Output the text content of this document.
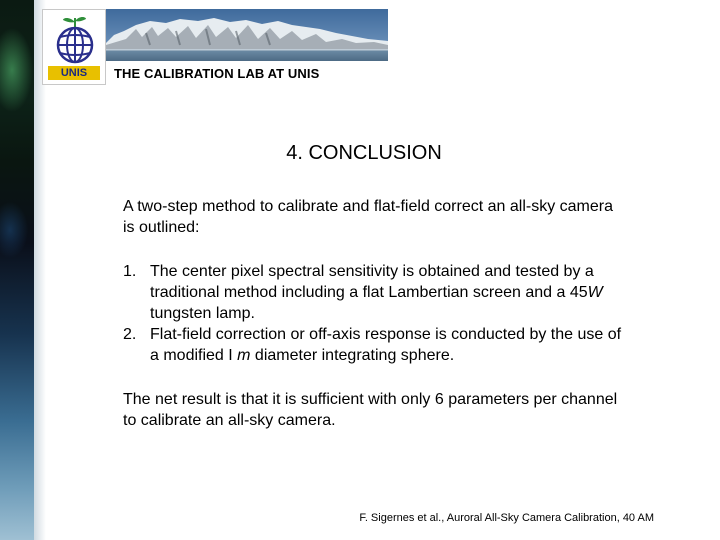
UNIS	THE CALIBRATION LAB AT UNIS
4. CONCLUSION
A two-step method to calibrate and flat-field correct an all-sky camera is outlined:
1. The center pixel spectral sensitivity is obtained and tested by a traditional method including a flat Lambertian screen and a 45W tungsten lamp.
2. Flat-field correction or off-axis response is conducted by the use of a modified I m diameter integrating sphere.
The net result is that it is sufficient with only 6 parameters per channel to calibrate an all-sky camera.
F. Sigernes et al., Auroral All-Sky Camera Calibration, 40 AM
